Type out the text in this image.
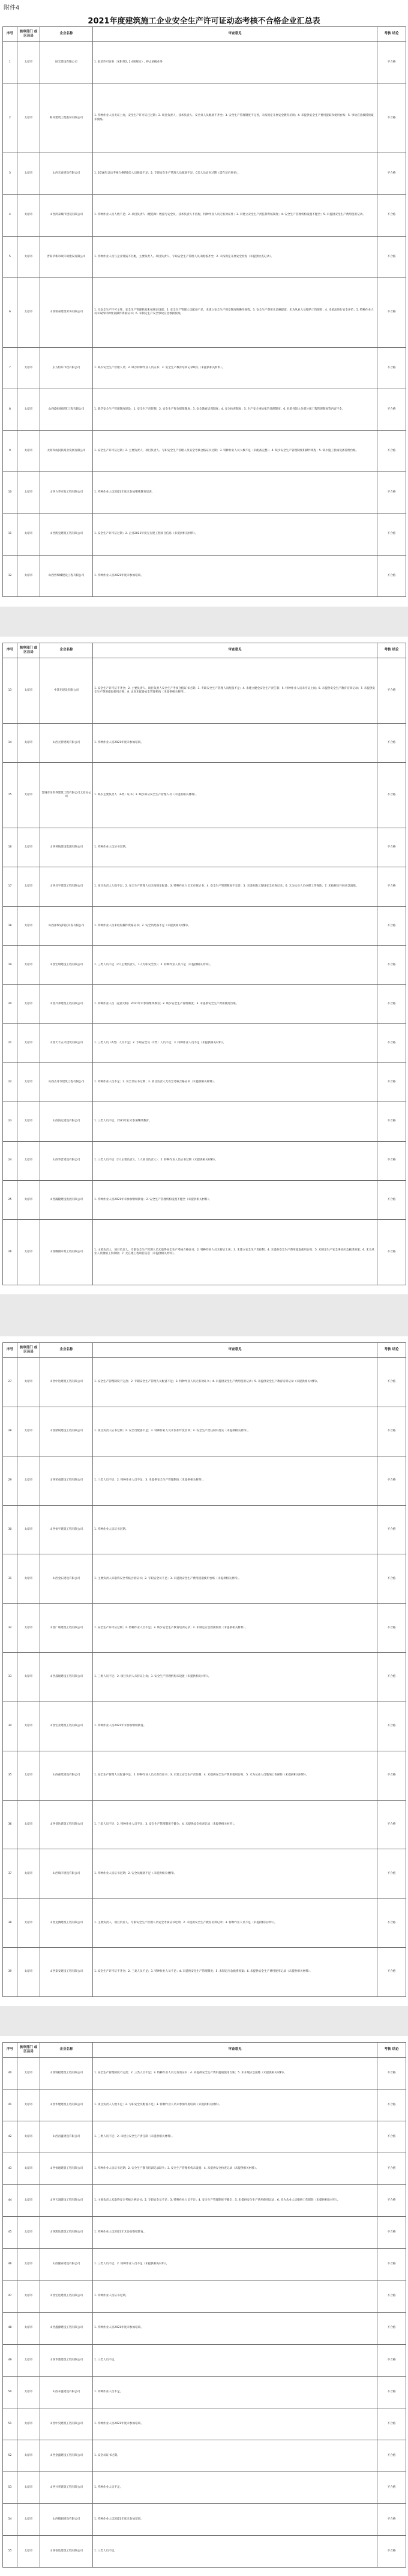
附件4
2021年度建筑施工企业安全生产许可证动态考核不合格企业汇总表
序号	核审部门 或区县局	企业名称	审查意见	考核 结论
1	太原市	国宏建设有限公司	1. 取消许可证书（见附件2, 2.4项规定）, 停止承揽业务	不合格
2	太原市	和祥建筑工程股份有限公司	1. 特种作业人员无证上岗，安全生产许可证已过期；2. 项目负责人、技术负责人、安全员人员配备不齐全；3. 安全生产管理制度不完善，未按规定开展安全教育培训；4. 未提供安全生产费用提取和使用台账；5. 事故应急救援预案未演练。	不合格
3	太原市	山西宏泰建设有限公司	1. 2016年以后考核合格的B类人员数量不足；2. 专职安全生产管理人员配备不足，C类人员证书过期（需在证后补充）。	不合格
4	太原市	山西鸿泰城市建设有限公司	1. 特种作业人员人数不足；2. 项目负责人（建造师）数量与安全员、技术负责人不匹配，特种作业人员无有效证件；3. 未建立安全生产责任制考核制度；4. 安全生产管理机构设置不健全；5. 未提供安全生产费用使用记录。	不合格
5	太原市	晋阳华新市政环境建设有限公司	1. 特种作业人员与企业资质不匹配，主要负责人、项目负责人、专职安全生产管理人员未配备齐全；2. 未按规定开展安全检查（未提供检查记录）。	不合格
6	太原市	山西瑞泰建筑劳务有限公司	1. 无安全生产许可文件，安全生产管理机构未按规定设置；2. 安全生产管理人员配备不足，未建立安全生产规章制度和操作规程；3. 安全生产费用未足额提取，未为从业人员缴纳工伤保险；4. 未依法进行安全评价；5. 特种作业人员未取得特种作业操作资格证书；6. 未制定生产安全事故应急救援预案。	不合格
7	太原市	东方恒升市政有限公司	1. 缺少安全生产管理人员；2. 缺少特种作业人员证书；3. 安全生产教育培训记录缺失（未提供相关材料）。	不合格
8	太原市	山西盛恒德建筑工程有限公司	1. 缺乏安全生产管理制度建设：1. 安全生产责任制；2. 安全生产资金保障制度；3. 安全教育培训制度；4. 安全检查制度；5. 生产安全事故报告处理制度；6. 危险性较大分部分项工程管理制度等内容不全。	不合格
9	太原市	太原和成民联商业发展有限公司	1. 安全生产许可证过期；2. 主要负责人、项目负责人、专职安全生产管理人员安全考核合格证书过期；3. 特种作业人员人数不足（未配备完整）；4. 缺少安全生产管理制度和操作规程；5. 缺少施工机械设备管理台账。	不合格
10	太原市	山西力华市政工程有限公司	1. 特种作业人员2021年度未参加继续教育培训。	不合格
11	太原市	山西凯宜建筑工程有限公司	1. 安全生产许可证过期；2. 企业2021年度无在建工程项目信息（未提供相关材料）。	不合格
12	太原市	山西晋瑞城建设工程有限公司	1. 特种作业人员2021年度未参加培训。	不合格
序号	核审部门 或区县局	企业名称	审查意见	考核 结论
13	太原市	中其先建设有限公司	1. 安全生产许可证不齐全；2. 主要负责人、项目负责人安全生产考核合格证书过期；3. 专职安全生产管理人员配备不足；4. 未建立健全安全生产责任制；5. 特种作业人员未持证上岗；6. 未提供安全生产教育培训记录；7. 未提供安全生产费用提取使用台账；8. 企业未配备安全管理机构（未提供相关材料）。	不合格
14	太原市	山西元特建筑有限公司	1. 特种作业人员2021年度未参加培训。	不合格
15	太原市	晋城市泽世界建筑工程有限公司太原分公司	1. 缺少主要负责人（A类）证书；2. 缺少部分安全生产管理人员（未提供相关材料）。	不合格
16	太原市	山西英航建设集团有限公司	1. 特种作业人员证书过期。	不合格
17	太原市	山西昇宇建筑工程有限公司	1. 项目负责人人数不足；2. 安全生产管理人员未按规定配备；3. 特种作业人员无有效证书；4. 安全生产管理制度不完善；5. 未提供施工现场安全检查记录；6. 未为从业人员办理工伤保险；7. 未按规定开展应急演练。	不合格
18	太原市	山西泽瑞安科技开发有限公司	1. 特种作业人员未取得操作资格证书；2. 安全员配备不足（未提供相关材料）。	不合格
19	太原市	山西宏瑞建设工程有限公司	1. 三类人员不足（2人主要负责人，1人专职安全员）；2. 特种作业人员不足（未提供相关材料）。	不合格
20	太原市	山西兴邦建筑工程有限公司	1. 特种作业人员（起重司机）2021年未参加继续教育；2. 缺少安全生产管理制度；3. 未提供安全生产费用使用台账。	不合格
21	太原市	山西天丰五兴建筑有限公司	1. 三类人员（A类）人员不足；2. 专职安全员（C类）人员不足；3. 特种作业人员不足（未提供相关材料）。	不合格
22	太原市	山西古月等建筑工程有限公司	1. 特种作业人员不足；2. 安全员证书过期；3. 项目负责人无安全考核合格证书（未提供相关材料）。	不合格
23	太原市	山西海运建设有限公司	1. 三类人员不足，2021年后未参加继续教育。	不合格
24	太原市	山西华晋建设有限公司	1. 三类人员不足（2人主要负责人，1人项目负责人）；2. 特种作业人员证书过期（未提供相关材料）。	不合格
25	太原市	山西瀚隆建设发展有限公司	1. 特种作业人员2021年未参加继续教育；2. 安全生产管理机构设置不健全（未提供相关材料）。	不合格
26	太原市	山西腾翔市政工程有限公司	1. 主要负责人、项目负责人、专职安全生产管理人员未取得安全生产考核合格证书；2. 特种作业人员未持证上岗；3. 未建立安全生产责任制；4. 未提供安全生产费用提取使用台账；5. 未制定生产安全事故应急救援预案；6. 未为从业人员缴纳工伤保险；7. 无在建工程项目信息（未提供相关材料）。	不合格
序号	核审部门 或区县局	企业名称	审查意见	考核 结论
27	太原市	山西中达建筑工程有限公司	1. 安全生产管理制度不完善；2. 专职安全生产管理人员配备不足；3. 特种作业人员无有效证书；4. 未提供安全生产费用使用记录；5. 未提供安全生产教育培训记录（未提供相关材料）。	不合格
28	太原市	山西鼎锐建设工程有限公司	1. 项目负责人证书过期；2. 安全员配备不足；3. 特种作业人员未参加年度培训；4. 安全生产责任制未落实（未提供相关材料）。	不合格
29	太原市	山西荣成建设工程有限公司	1. 三类人员不足；2. 特种作业人员不足；3. 未提供安全生产管理制度（未提供相关材料）。	不合格
30	太原市	山西恒宇建筑工程有限公司	1. 特种作业人员证书过期。	不合格
31	太原市	山西金石建设有限公司	1. 主要负责人未取得安全考核合格证书；2. 专职安全员不足；3. 未提供安全生产费用提取使用台账（未提供相关材料）。	不合格
32	太原市	山西广联建筑工程有限公司	1. 安全生产许可证过期；2. 特种作业人员不足；3. 缺少安全生产教育培训记录；4. 未制定应急救援预案（未提供相关材料）。	不合格
33	太原市	山西晟通建设工程有限公司	1. 三类人员不足；2. 项目负责人未持证上岗；3. 安全生产管理机构未设置（未提供相关材料）。	不合格
34	太原市	山西宏业建筑工程有限公司	1. 特种作业人员2021年未参加继续教育。	不合格
35	太原市	山西森茂建设有限公司	1. 安全生产管理人员配备不足；2. 特种作业人员无有效证书；3. 未建立安全生产责任制；4. 未提供安全生产费用使用台账；5. 未为从业人员缴纳工伤保险（未提供相关材料）。	不合格
36	太原市	山西誉达建筑工程有限公司	1. 三类人员不足；2. 特种作业人员不足；3. 安全生产管理制度不健全；4. 未提供安全检查记录（未提供相关材料）。	不合格
37	太原市	山西瑞丰建设有限公司	1. 特种作业人员证书过期；2. 安全员配备不足（未提供相关材料）。	不合格
38	太原市	山西龙腾建筑工程有限公司	1. 主要负责人、项目负责人、专职安全生产管理人员安全考核证书过期；2. 未提供安全生产教育培训记录；3. 特种作业人员不足（未提供相关材料）。	不合格
39	太原市	山西泰安建设工程有限公司	1. 安全生产许可证不齐全；2. 三类人员不足；3. 特种作业人员不足；4. 未提供安全生产管理制度；5. 未制定应急救援预案；6. 未提供安全生产费用使用记录（未提供相关材料）。	不合格
序号	核审部门 或区县局	企业名称	审查意见	考核 结论
40	太原市	山西锦程建筑工程有限公司	1. 安全生产管理制度不完善；2. 三类人员不足；3. 特种作业人员无有效证书；4. 未提供安全生产费用提取使用台账；5. 未开展应急演练（未提供相关材料）。	不合格
41	太原市	山西华建建筑工程有限公司	1. 项目负责人人数不足；2. 专职安全员配备不足；3. 特种作业人员未参加年度培训（未提供相关材料）。	不合格
42	太原市	山西昌盛建设有限公司	1. 三类人员不足；2. 未建立安全生产责任制（未提供相关材料）。	不合格
43	太原市	山西恒通建筑工程有限公司	1. 特种作业人员证书过期；2. 安全生产教育培训记录缺失；3. 安全生产管理机构未设置；4. 未提供安全检查记录（未提供相关材料）。	不合格
44	太原市	山西天润建设工程有限公司	1. 主要负责人未取得安全考核合格证书；2. 专职安全员不足；3. 特种作业人员不足；4. 安全生产管理制度不健全；5. 未提供安全生产费用使用记录；6. 未为从业人员缴纳工伤保险（未提供相关材料）。	不合格
45	太原市	山西凯达建筑工程有限公司	1. 特种作业人员2021年未参加继续教育。	不合格
46	太原市	山西隆泰建设有限公司	1. 三类人员不足；2. 特种作业人员不足（未提供相关材料）。	不合格
47	太原市	山西宏达建筑工程有限公司	1. 特种作业人员证书过期。	不合格
48	太原市	山西鑫源建设工程有限公司	1. 特种作业人员2021年度未参加培训。	不合格
49	太原市	山西华鼎建筑工程有限公司	1. 三类人员不足。	不合格
50	太原市	山西永盛建设有限公司	1. 特种作业人员不足。	不合格
51	太原市	山西中昊建筑工程有限公司	1. 特种作业人员2021年度未参加培训。	不合格
52	太原市	山西金盛建设工程有限公司	1. 安全员证书过期。	不合格
53	太原市	山西兴华建筑工程有限公司	1. 特种作业人员不足。	不合格
54	太原市	山西德润建设有限公司	1. 特种作业人员2021年度未参加培训。	不合格
55	太原市	山西恒达建筑工程有限公司	1. 三类人员不足。	不合格
